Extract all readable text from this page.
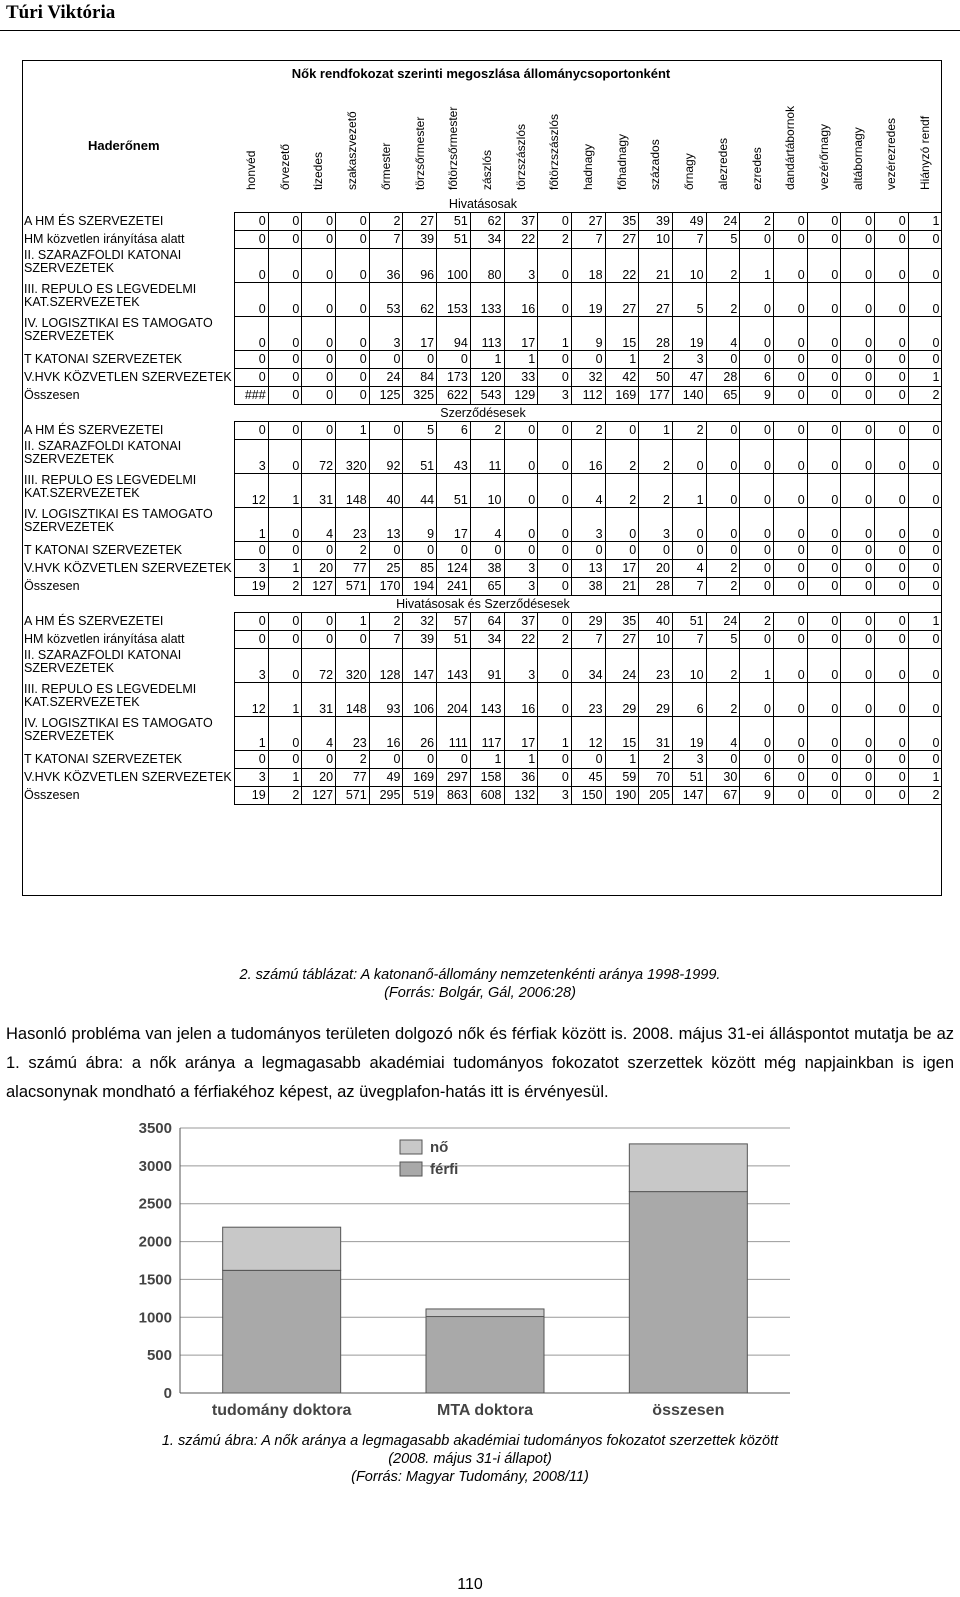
Túri Viktória
Nők rendfokozat szerinti megoszlása állománycsoportonként
Haderőnem
honvéd őrvezető tizedes szakaszvezető őrmester törzsőrmester főtörzsőrmester zászlós törzszászlós főtörzszászlós hadnagy főhadnagy százados őrnagy alezredes ezredes dandártábornok vezérőrnagy altábornagy vezérezredes Hiányzó rendf
Hivatásosak																					
A HM ÉS SZERVEZETEI	0	0	0	0	2	27	51	62	37	0	27	35	39	49	24	2	0	0	0	0	1
HM közvetlen irányítása alatt	0	0	0	0	7	39	51	34	22	2	7	27	10	7	5	0	0	0	0	0	0
II. SZÁRAZFÖLDI KATONAI SZERVEZETEK	0	0	0	0	36	96	100	80	3	0	18	22	21	10	2	1	0	0	0	0	0
III. REPÜLŐ ÉS LÉGVÉDELMI KAT.SZERVEZETEK	0	0	0	0	53	62	153	133	16	0	19	27	27	5	2	0	0	0	0	0	0
IV. LOGISZTIKAI ÉS TÁMOGATÓ SZERVEZETEK	0	0	0	0	3	17	94	113	17	1	9	15	28	19	4	0	0	0	0	0	0
T KATONAI SZERVEZETEK	0	0	0	0	0	0	0	1	1	0	0	1	2	3	0	0	0	0	0	0	0
V.HVK KÖZVETLEN SZERVEZETEK	0	0	0	0	24	84	173	120	33	0	32	42	50	47	28	6	0	0	0	0	1
Összesen	###	0	0	0	125	325	622	543	129	3	112	169	177	140	65	9	0	0	0	0	2
Szerződésesek																					
A HM ÉS SZERVEZETEI	0	0	0	1	0	5	6	2	0	0	2	0	1	2	0	0	0	0	0	0	0
II. SZÁRAZFÖLDI KATONAI SZERVEZETEK	3	0	72	320	92	51	43	11	0	0	16	2	2	0	0	0	0	0	0	0	0
III. REPÜLŐ ÉS LÉGVÉDELMI KAT.SZERVEZETEK	12	1	31	148	40	44	51	10	0	0	4	2	2	1	0	0	0	0	0	0	0
IV. LOGISZTIKAI ÉS TÁMOGATÓ SZERVEZETEK	1	0	4	23	13	9	17	4	0	0	3	0	3	0	0	0	0	0	0	0	0
T KATONAI SZERVEZETEK	0	0	0	2	0	0	0	0	0	0	0	0	0	0	0	0	0	0	0	0	0
V.HVK KÖZVETLEN SZERVEZETEK	3	1	20	77	25	85	124	38	3	0	13	17	20	4	2	0	0	0	0	0	0
Összesen	19	2	127	571	170	194	241	65	3	0	38	21	28	7	2	0	0	0	0	0	0
Hivatásosak és Szerződésesek																					
A HM ÉS SZERVEZETEI	0	0	0	1	2	32	57	64	37	0	29	35	40	51	24	2	0	0	0	0	1
HM közvetlen irányítása alatt	0	0	0	0	7	39	51	34	22	2	7	27	10	7	5	0	0	0	0	0	0
II. SZÁRAZFÖLDI KATONAI SZERVEZETEK	3	0	72	320	128	147	143	91	3	0	34	24	23	10	2	1	0	0	0	0	0
III. REPÜLŐ ÉS LÉGVÉDELMI KAT.SZERVEZETEK	12	1	31	148	93	106	204	143	16	0	23	29	29	6	2	0	0	0	0	0	0
IV. LOGISZTIKAI ÉS TÁMOGATÓ SZERVEZETEK	1	0	4	23	16	26	111	117	17	1	12	15	31	19	4	0	0	0	0	0	0
T KATONAI SZERVEZETEK	0	0	0	2	0	0	0	1	1	0	0	1	2	3	0	0	0	0	0	0	0
V.HVK KÖZVETLEN SZERVEZETEK	3	1	20	77	49	169	297	158	36	0	45	59	70	51	30	6	0	0	0	0	1
Összesen	19	2	127	571	295	519	863	608	132	3	150	190	205	147	67	9	0	0	0	0	2
2. számú táblázat: A katonanő-állomány nemzetenkénti aránya 1998-1999.
(Forrás: Bolgár, Gál, 2006:28)
Hasonló probléma van jelen a tudományos területen dolgozó nők és férfiak között is. 2008. május 31-ei álláspontot mutatja be az 1. számú ábra: a nők aránya a legmagasabb akadémiai tudományos fokozatot szerzettek között még napjainkban is igen alacsonynak mondható a férfiakéhoz képest, az üvegplafon-hatás itt is érvényesül.
0
500
1000
1500
2000
2500
3000
3500
tudomány doktora	MTA doktora	összesen
nő
férfi
1. számú ábra: A nők aránya a legmagasabb akadémiai tudományos fokozatot szerzettek között
(2008. május 31-i állapot)
(Forrás: Magyar Tudomány, 2008/11)
110
